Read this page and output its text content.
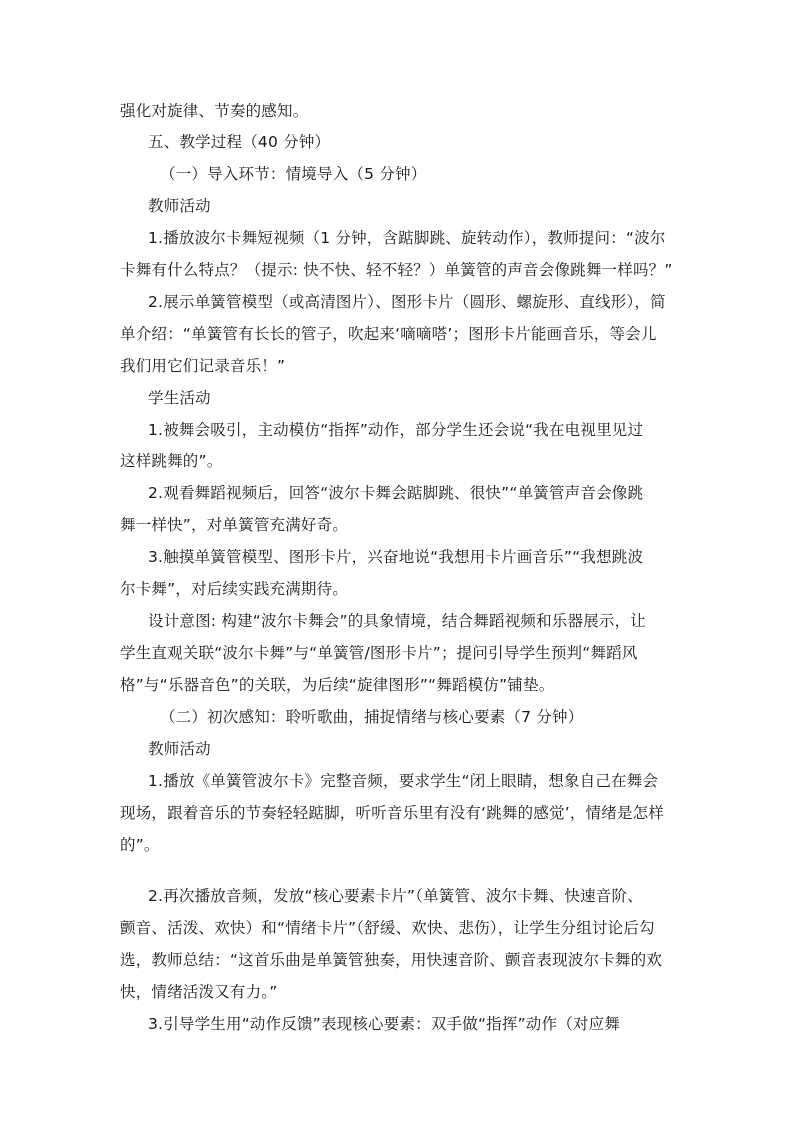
强化对旋律、节奏的感知。
五、教学过程（40 分钟）
（一）导入环节：情境导入（5 分钟）
教师活动
1.播放波尔卡舞短视频（1 分钟，含踮脚跳、旋转动作），教师提问：“波尔
卡舞有什么特点？（提示: 快不快、轻不轻？）单簧管的声音会像跳舞一样吗？”
2.展示单簧管模型（或高清图片）、图形卡片（圆形、螺旋形、直线形），简
单介绍：“单簧管有长长的管子，吹起来‘嘀嘀嗒’；图形卡片能画音乐，等会儿
我们用它们记录音乐！”
学生活动
1.被舞会吸引，主动模仿“指挥”动作，部分学生还会说“我在电视里见过
这样跳舞的”。
2.观看舞蹈视频后，回答“波尔卡舞会踮脚跳、很快”“单簧管声音会像跳
舞一样快”，对单簧管充满好奇。
3.触摸单簧管模型、图形卡片，兴奋地说“我想用卡片画音乐”“我想跳波
尔卡舞”，对后续实践充满期待。
设计意图: 构建“波尔卡舞会”的具象情境，结合舞蹈视频和乐器展示，让
学生直观关联“波尔卡舞”与“单簧管/图形卡片”；提问引导学生预判“舞蹈风
格”与“乐器音色”的关联，为后续“旋律图形”“舞蹈模仿”铺垫。
（二）初次感知：聆听歌曲，捕捉情绪与核心要素（7 分钟）
教师活动
1.播放《单簧管波尔卡》完整音频，要求学生“闭上眼睛，想象自己在舞会
现场，跟着音乐的节奏轻轻踮脚，听听音乐里有没有‘跳舞的感觉’，情绪是怎样
的”。
2.再次播放音频，发放“核心要素卡片”（单簧管、波尔卡舞、快速音阶、
颤音、活泼、欢快）和“情绪卡片”（舒缓、欢快、悲伤），让学生分组讨论后勾
选，教师总结：“这首乐曲是单簧管独奏，用快速音阶、颤音表现波尔卡舞的欢
快，情绪活泼又有力。”
3.引导学生用“动作反馈”表现核心要素：双手做“指挥”动作（对应舞
